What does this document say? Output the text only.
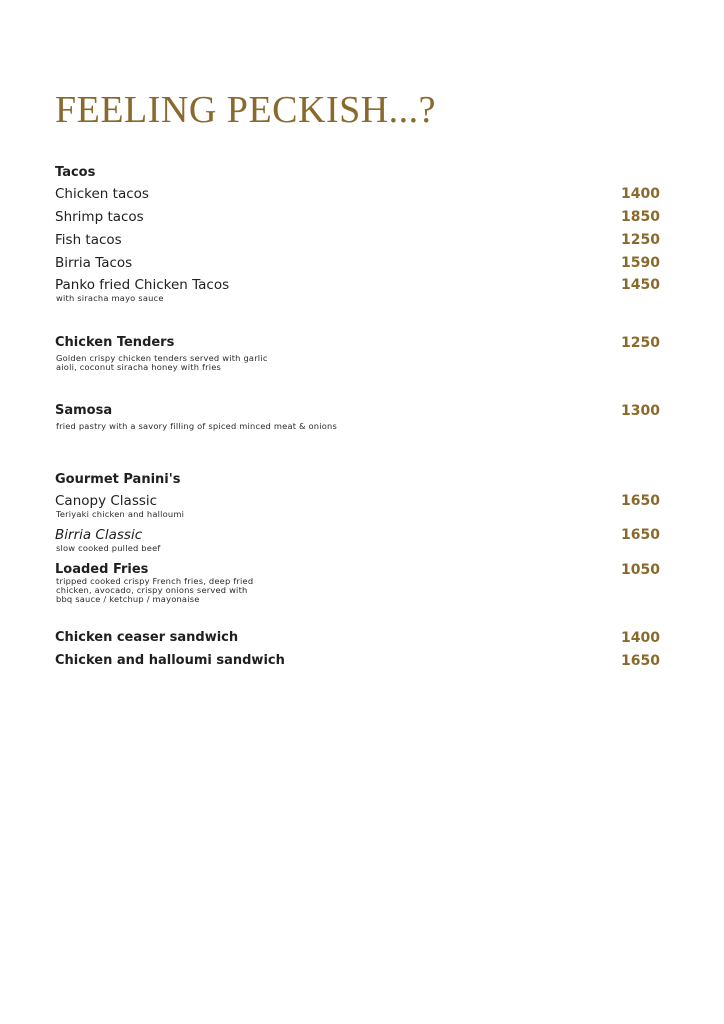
FEELING PECKISH...?
Tacos
Chicken tacos	1400
Shrimp tacos	1850
Fish tacos	1250
Birria Tacos	1590
Panko fried Chicken Tacos	1450
with siracha mayo sauce
Chicken Tenders	1250
Golden crispy chicken tenders served with garlic
aioli, coconut siracha honey with fries
Samosa	1300
fried pastry with a savory filling of spiced minced meat & onions
Gourmet Panini's
Canopy Classic	1650
Teriyaki chicken and halloumi
Birria Classic	1650
slow cooked pulled beef
Loaded Fries	1050
tripped cooked crispy French fries, deep fried
chicken, avocado, crispy onions served with
bbq sauce / ketchup / mayonaise
Chicken ceaser sandwich	1400
Chicken and halloumi sandwich	1650
